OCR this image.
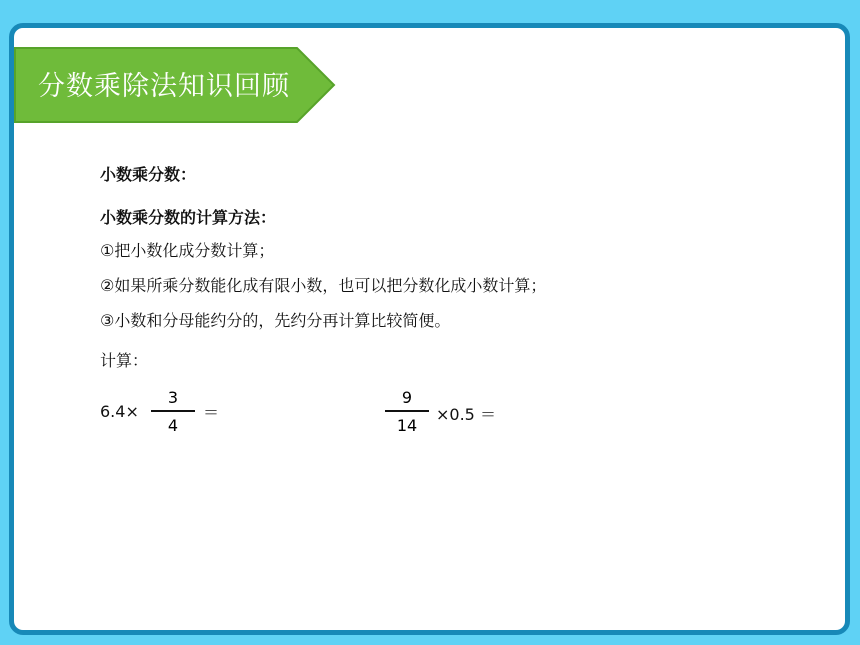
分数乘除法知识回顾
小数乘分数：
小数乘分数的计算方法：
①把小数化成分数计算；
②如果所乘分数能化成有限小数，也可以把分数化成小数计算；
③小数和分母能约分的，先约分再计算比较简便。
计算：
6.4×
3
4
＝
9
14
×0.5 ＝
